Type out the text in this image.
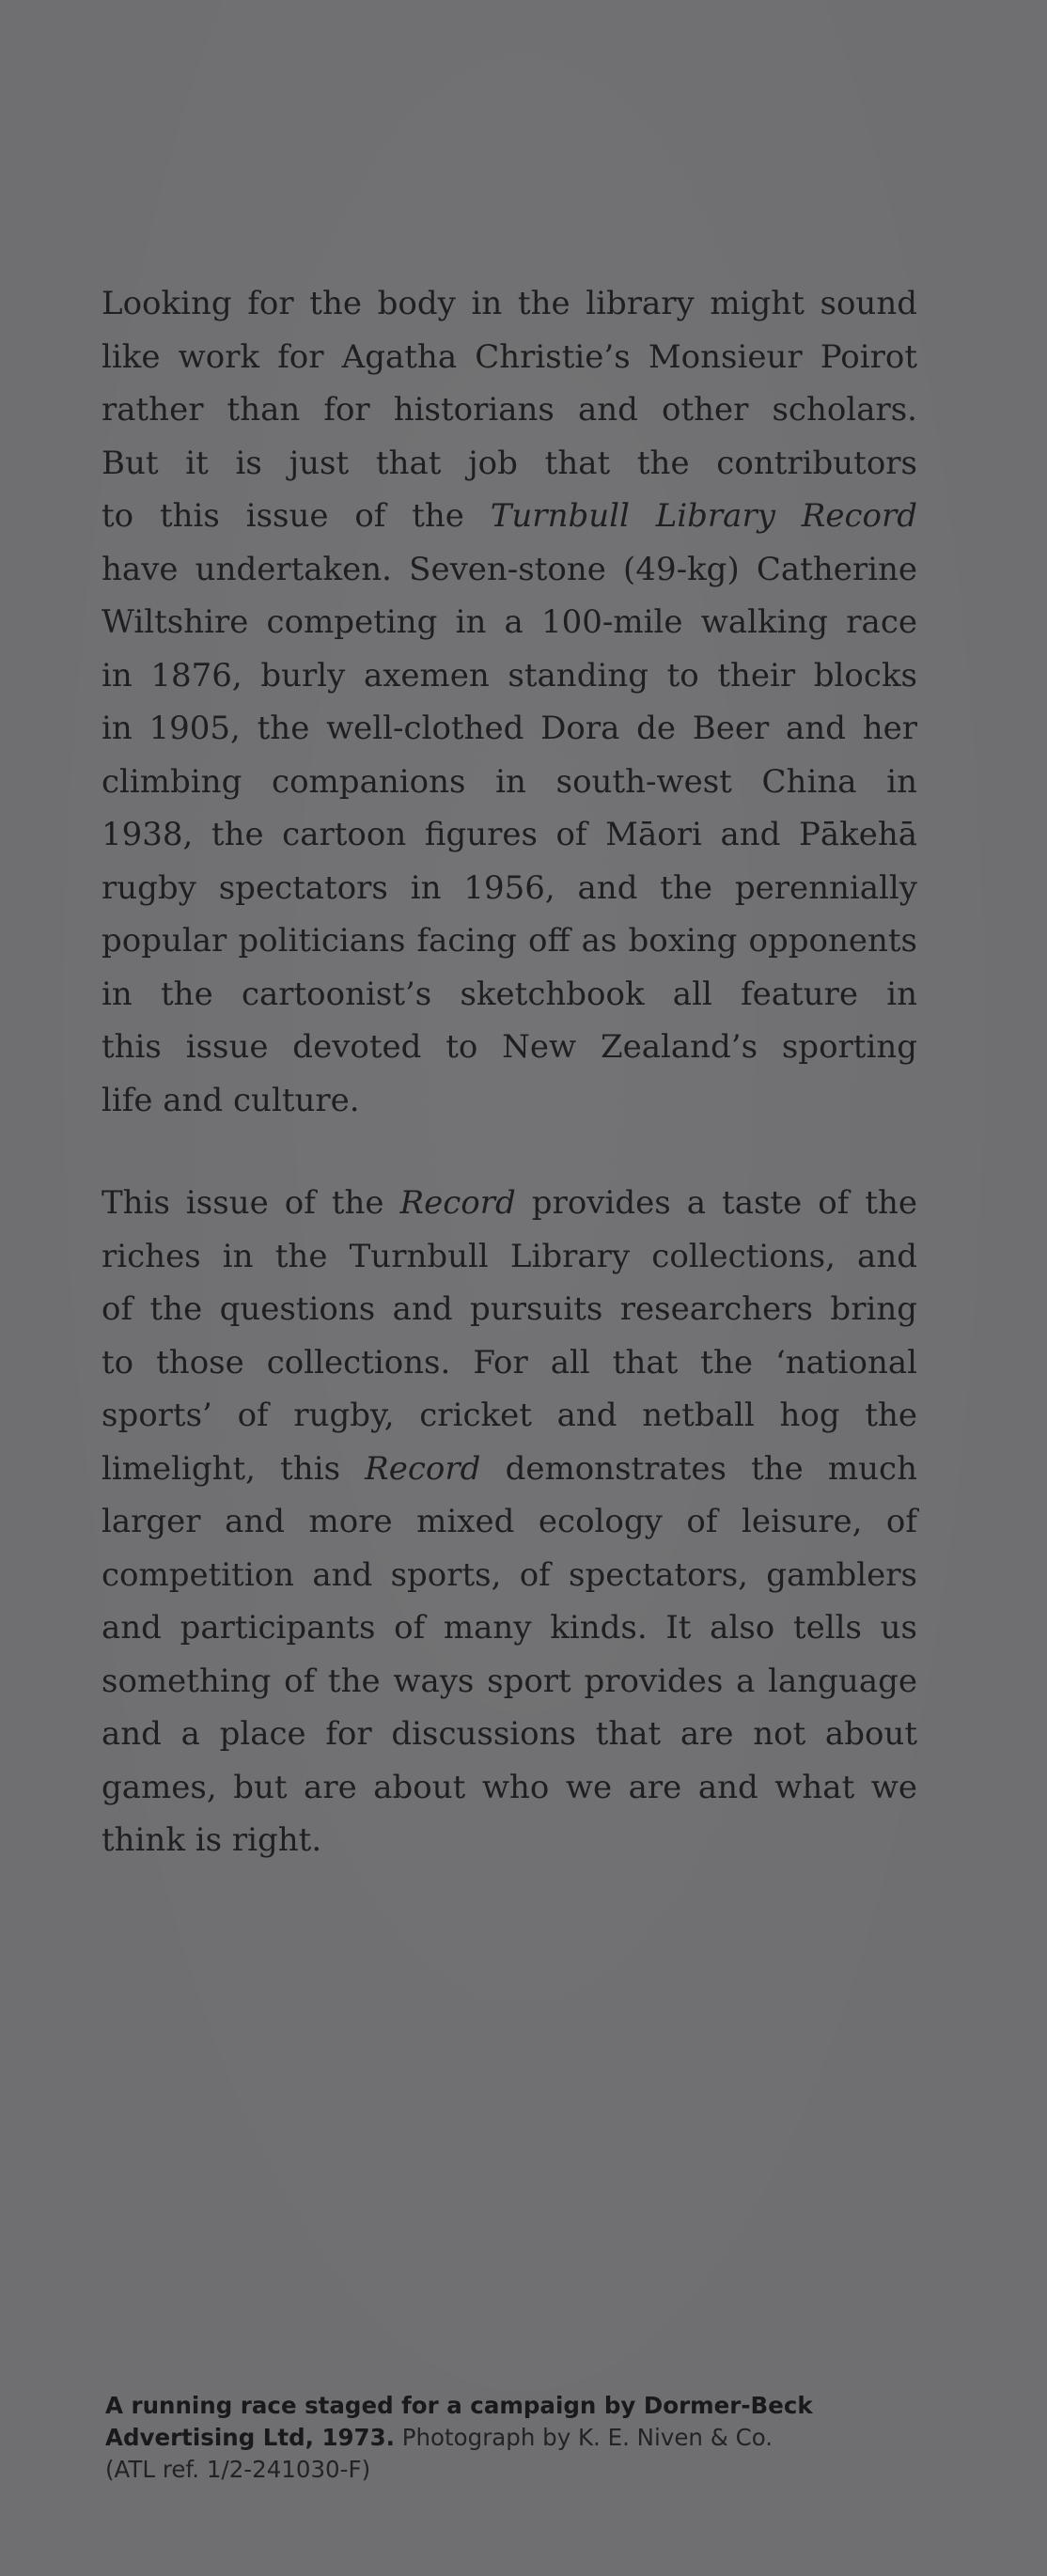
Looking for the body in the library might sound
like work for Agatha Christie’s Monsieur Poirot
rather than for historians and other scholars.
But it is just that job that the contributors
to this issue of the Turnbull Library Record
have undertaken. Seven-stone (49-kg) Catherine
Wiltshire competing in a 100-mile walking race
in 1876, burly axemen standing to their blocks
in 1905, the well-clothed Dora de Beer and her
climbing companions in south-west China in
1938, the cartoon figures of Māori and Pākehā
rugby spectators in 1956, and the perennially
popular politicians facing off as boxing opponents
in the cartoonist’s sketchbook all feature in
this issue devoted to New Zealand’s sporting
life and culture.
This issue of the Record provides a taste of the
riches in the Turnbull Library collections, and
of the questions and pursuits researchers bring
to those collections. For all that the ‘national
sports’ of rugby, cricket and netball hog the
limelight, this Record demonstrates the much
larger and more mixed ecology of leisure, of
competition and sports, of spectators, gamblers
and participants of many kinds. It also tells us
something of the ways sport provides a language
and a place for discussions that are not about
games, but are about who we are and what we
think is right.

A running race staged for a campaign by Dormer-Beck Advertising Ltd, 1973. Photograph by K. E. Niven & Co.
(ATL ref. 1/2-241030-F)
